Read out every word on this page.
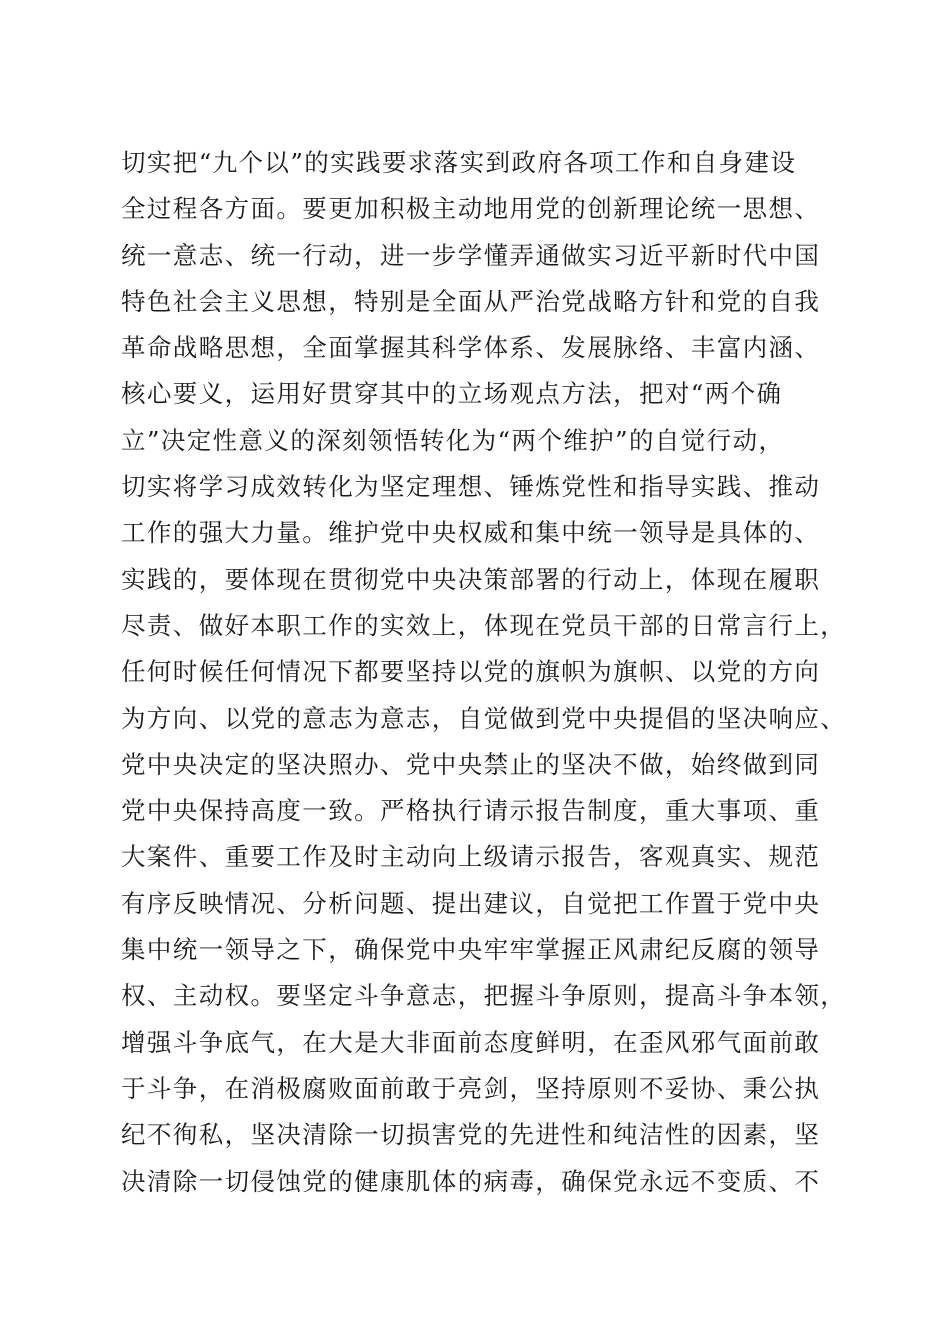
切实把“九个以”的实践要求落实到政府各项工作和自身建设
全过程各方面。要更加积极主动地用党的创新理论统一思想、
统一意志、统一行动，进一步学懂弄通做实习近平新时代中国
特色社会主义思想，特别是全面从严治党战略方针和党的自我
革命战略思想，全面掌握其科学体系、发展脉络、丰富内涵、
核心要义，运用好贯穿其中的立场观点方法，把对“两个确
立”决定性意义的深刻领悟转化为“两个维护”的自觉行动，
切实将学习成效转化为坚定理想、锤炼党性和指导实践、推动
工作的强大力量。维护党中央权威和集中统一领导是具体的、
实践的，要体现在贯彻党中央决策部署的行动上，体现在履职
尽责、做好本职工作的实效上，体现在党员干部的日常言行上，
任何时候任何情况下都要坚持以党的旗帜为旗帜、以党的方向
为方向、以党的意志为意志，自觉做到党中央提倡的坚决响应、
党中央决定的坚决照办、党中央禁止的坚决不做，始终做到同
党中央保持高度一致。严格执行请示报告制度，重大事项、重
大案件、重要工作及时主动向上级请示报告，客观真实、规范
有序反映情况、分析问题、提出建议，自觉把工作置于党中央
集中统一领导之下，确保党中央牢牢掌握正风肃纪反腐的领导
权、主动权。要坚定斗争意志，把握斗争原则，提高斗争本领，
增强斗争底气，在大是大非面前态度鲜明，在歪风邪气面前敢
于斗争，在消极腐败面前敢于亮剑，坚持原则不妥协、秉公执
纪不徇私，坚决清除一切损害党的先进性和纯洁性的因素，坚
决清除一切侵蚀党的健康肌体的病毒，确保党永远不变质、不
